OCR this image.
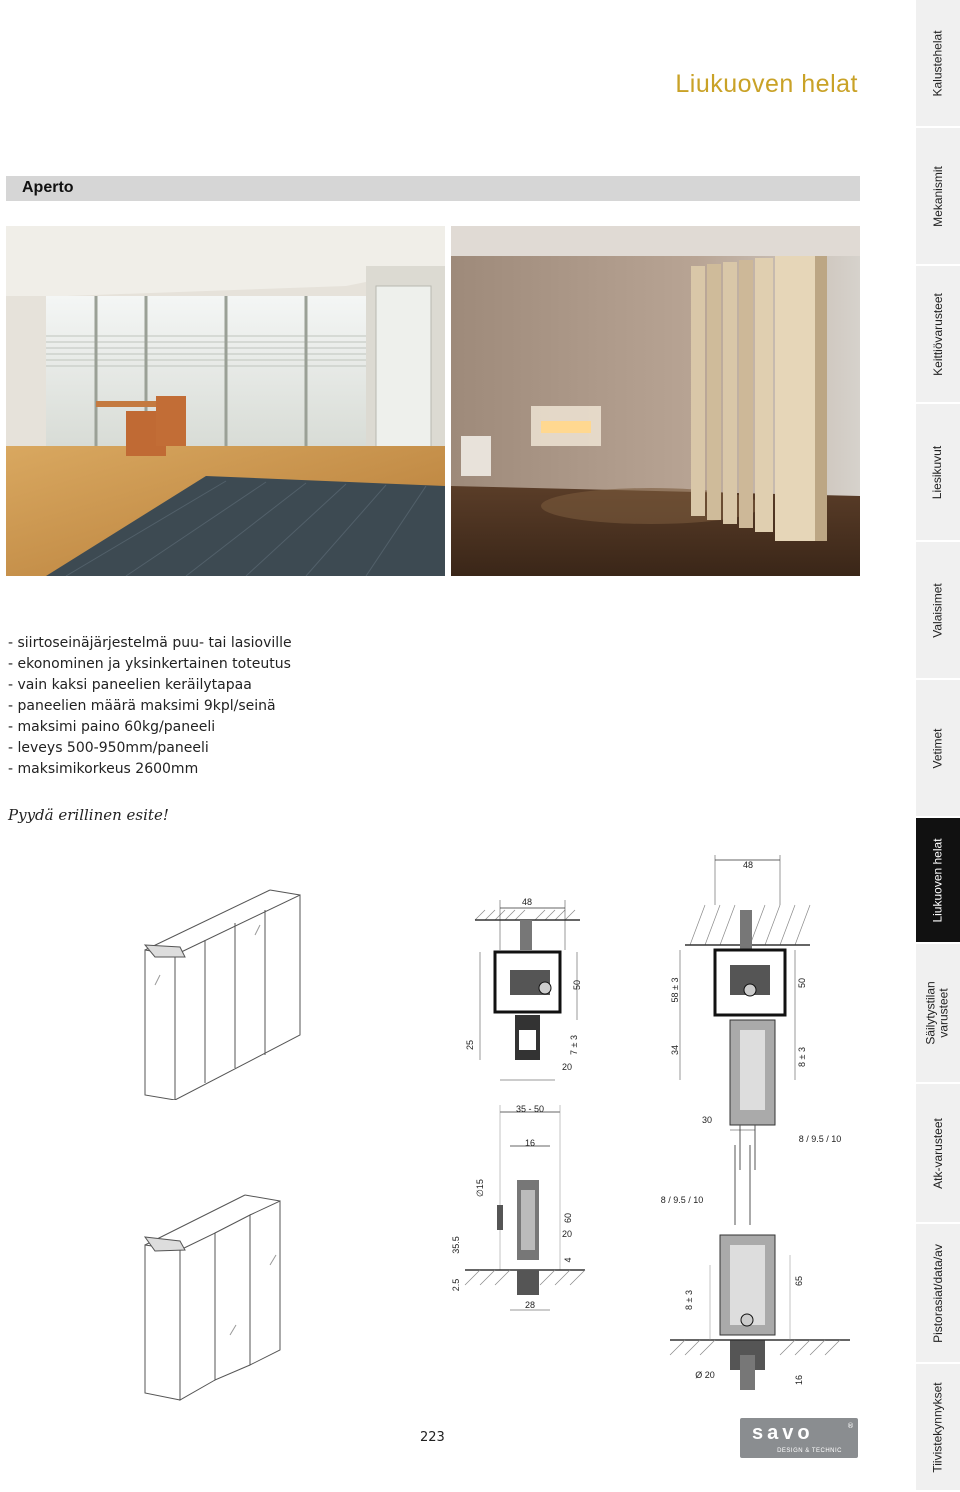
Liukuoven helat
Aperto
- siirtoseinäjärjestelmä puu- tai lasioville
- ekonominen ja yksinkertainen toteutus
- vain kaksi paneelien keräilytapaa
- paneelien määrä maksimi 9kpl/seinä
- maksimi paino 60kg/paneeli
- leveys 500-950mm/paneeli
- maksimikorkeus 2600mm
Pyydä erillinen esite!
48
50
25	7 ± 3
20
48
58 ± 3	50
34	8 ± 3
35 - 50
16
∅15
60
20
4
35.5
2.5
28
30
8 / 9.5 / 10
8 / 9.5 / 10
8 ± 3
65
Ø 20	16
223	savo
DESIGN & TECHNIC
®
Kalustehelat
Mekanismit
Keittiövarusteet
Liesikuvut
Valaisimet
Vetimet
Liukuoven helat
Säilytystilan varusteet
Atk-varusteet
Pistorasiat/data/av
Tiivistekynnykset
